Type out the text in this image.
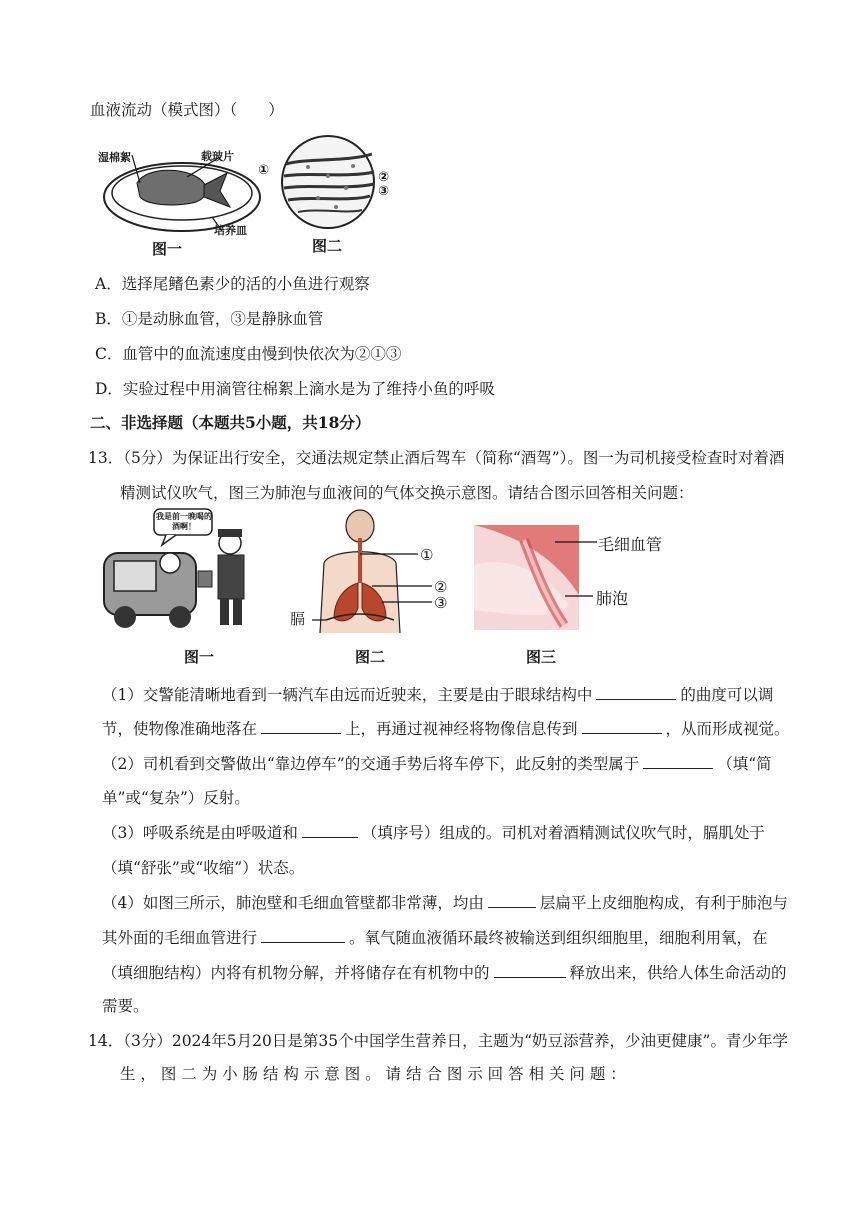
血液流动（模式图）（　　）
湿棉絮	载玻片
培养皿
图一
①	②
③
图二
A．选择尾鳍色素少的活的小鱼进行观察
B．①是动脉血管，③是静脉血管
C．血管中的血流速度由慢到快依次为②①③
D．实验过程中用滴管往棉絮上滴水是为了维持小鱼的呼吸
二、非选择题（本题共5小题，共18分）
13．（5分）为保证出行安全，交通法规定禁止酒后驾车（简称“酒驾”）。图一为司机接受检查时对着酒
精测试仪吹气，图三为肺泡与血液间的气体交换示意图。请结合图示回答相关问题：
我是前一晚喝的酒啊！
图一
①
②
③
膈
图二
毛细血管
肺泡
图三
（1）交警能清晰地看到一辆汽车由远而近驶来，主要是由于眼球结构中	的曲度可以调
节，使物像准确地落在	上，再通过视神经将物像信息传到	，从而形成视觉。
（2）司机看到交警做出“靠边停车”的交通手势后将车停下，此反射的类型属于	（填“简
单”或“复杂”）反射。
（3）呼吸系统是由呼吸道和	（填序号）组成的。司机对着酒精测试仪吹气时，膈肌处于
（填“舒张”或“收缩”）状态。
（4）如图三所示，肺泡壁和毛细血管壁都非常薄，均由	层扁平上皮细胞构成，有利于肺泡与
其外面的毛细血管进行	。氧气随血液循环最终被输送到组织细胞里，细胞利用氧，在
（填细胞结构）内将有机物分解，并将储存在有机物中的	释放出来，供给人体生命活动的
需要。
14．（3分）2024年5月20日是第35个中国学生营养日，主题为“奶豆添营养，少油更健康”。青少年学
生 ， 图 二 为 小 肠 结 构 示 意 图 。 请 结 合 图 示 回 答 相 关 问 题 ：
